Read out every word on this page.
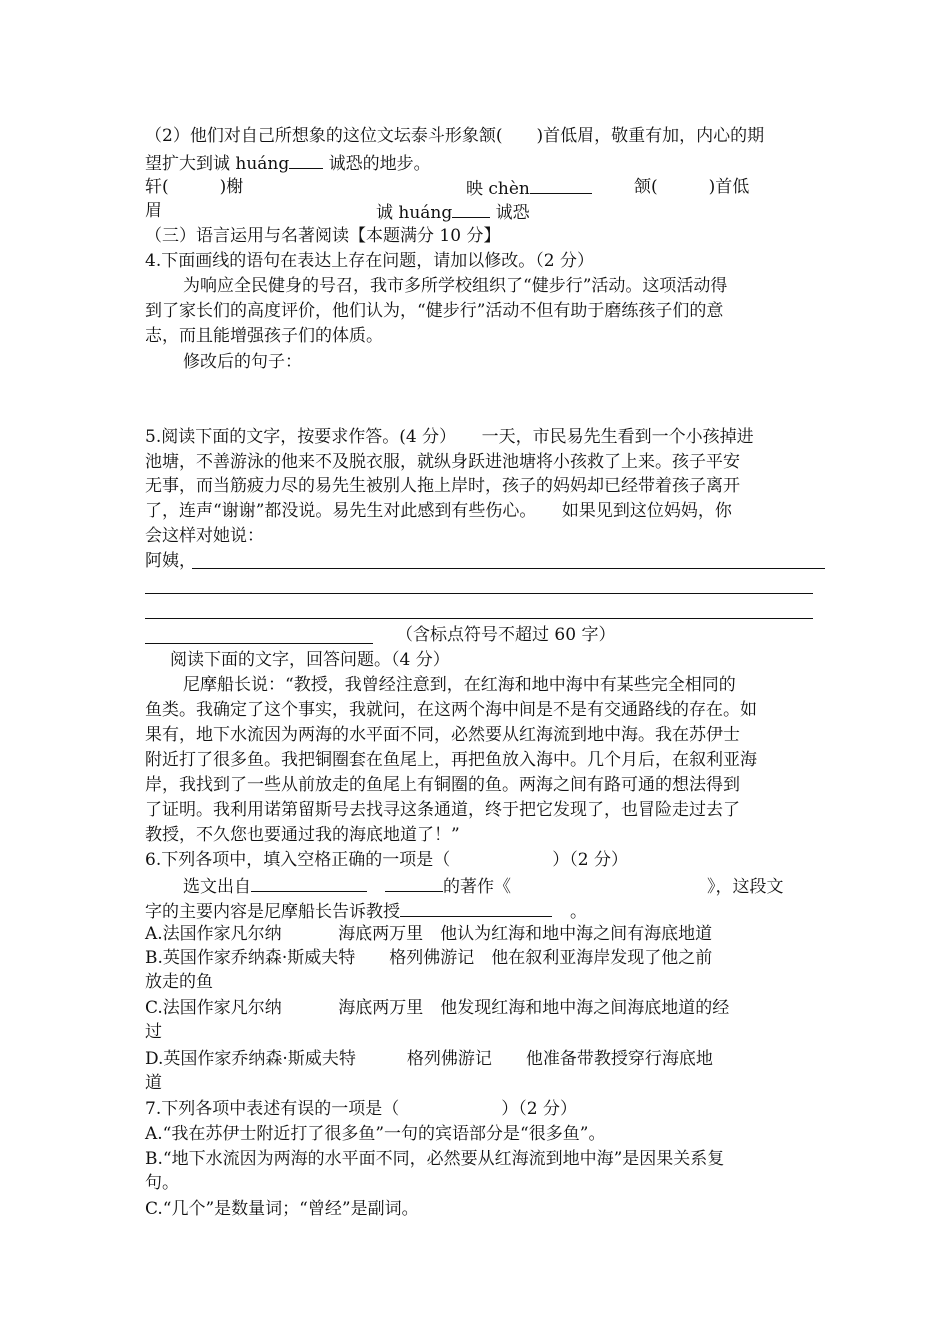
（2）他们对自己所想象的这位文坛泰斗形象颔(　　)首低眉，敬重有加，内心的期
望扩大到诚 huáng 诚恐的地步。
轩(　　　)榭	映 chèn	颔(　　　)首低
眉	诚 huáng 诚恐
（三）语言运用与名著阅读【本题满分 10 分】
4.下面画线的语句在表达上存在问题，请加以修改。（2 分）
为响应全民健身的号召，我市多所学校组织了“健步行”活动。这项活动得
到了家长们的高度评价，他们认为，“健步行”活动不但有助于磨练孩子们的意
志，而且能增强孩子们的体质。
修改后的句子：
5.阅读下面的文字，按要求作答。(4 分）　　一天，市民易先生看到一个小孩掉进
池塘，不善游泳的他来不及脱衣服，就纵身跃进池塘将小孩救了上来。孩子平安
无事，而当筋疲力尽的易先生被别人拖上岸时，孩子的妈妈却已经带着孩子离开
了，连声“谢谢”都没说。易先生对此感到有些伤心。　　如果见到这位妈妈，你
会这样对她说：
阿姨，
（含标点符号不超过 60 字）
阅读下面的文字，回答问题。（4 分）
尼摩船长说：“教授，我曾经注意到，在红海和地中海中有某些完全相同的
鱼类。我确定了这个事实，我就问，在这两个海中间是不是有交通路线的存在。如
果有，地下水流因为两海的水平面不同，必然要从红海流到地中海。我在苏伊士
附近打了很多鱼。我把铜圈套在鱼尾上，再把鱼放入海中。几个月后，在叙利亚海
岸，我找到了一些从前放走的鱼尾上有铜圈的鱼。两海之间有路可通的想法得到
了证明。我利用诺第留斯号去找寻这条通道，终于把它发现了，也冒险走过去了
教授，不久您也要通过我的海底地道了！”
6.下列各项中，填入空格正确的一项是（　　　　　　）（2 分）
选文出自	的著作《	》，这段文
字的主要内容是尼摩船长告诉教授	。
A.法国作家凡尔纳　　　 海底两万里　他认为红海和地中海之间有海底地道
B.英国作家乔纳森·斯威夫特　　格列佛游记　他在叙利亚海岸发现了他之前
放走的鱼
C.法国作家凡尔纳　　　 海底两万里　他发现红海和地中海之间海底地道的经
过
D.英国作家乔纳森·斯威夫特　　　格列佛游记　　他准备带教授穿行海底地
道
7.下列各项中表述有误的一项是（　　　　　　）（2 分）
A.“我在苏伊士附近打了很多鱼”一句的宾语部分是“很多鱼”。
B.“地下水流因为两海的水平面不同，必然要从红海流到地中海”是因果关系复
句。
C.“几个”是数量词；“曾经”是副词。
